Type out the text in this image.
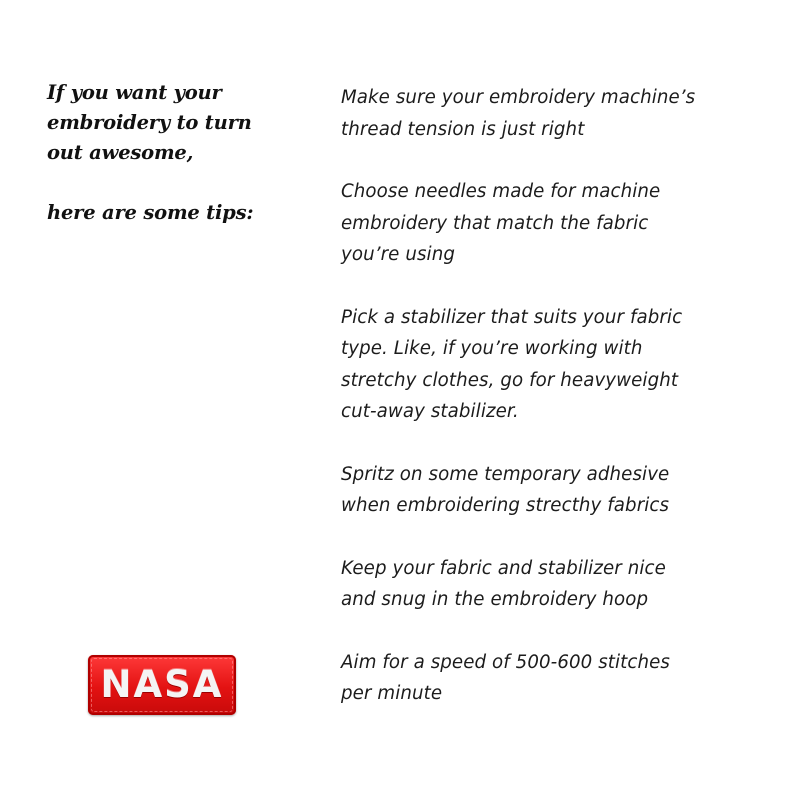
If you want your

embroidery to turn

out awesome,

here are some tips:

Make sure your embroidery machine’s
thread tension is just right

Choose needles made for machine
embroidery that match the fabric
you’re using

Pick a stabilizer that suits your fabric
type. Like, if you’re working with
stretchy clothes, go for heavyweight
cut-away stabilizer.

Spritz on some temporary adhesive
when embroidering strecthy fabrics

Keep your fabric and stabilizer nice
and snug in the embroidery hoop

Aim for a speed of 500-600 stitches
per minute

NASA
